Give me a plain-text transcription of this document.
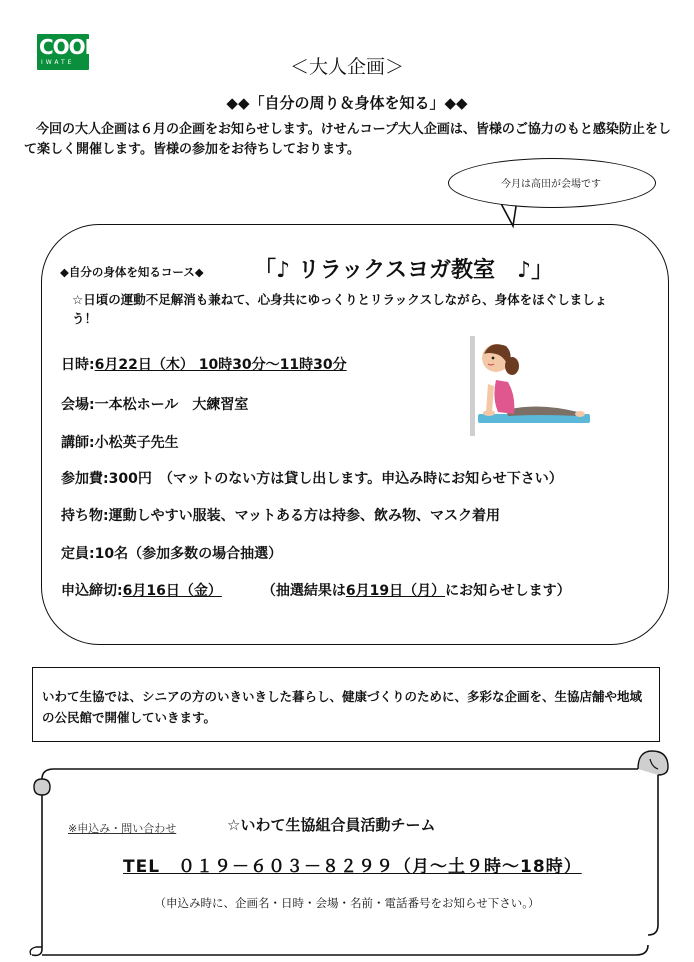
COOP
IWATE	＜大人企画＞
◆◆「自分の周り＆身体を知る」◆◆
今回の大人企画は６月の企画をお知らせします。けせんコープ大人企画は、皆様のご協力のもと感染防止をして楽しく開催します。皆様の参加をお待ちしております。
今月は高田が会場です
◆自分の身体を知るコース◆ 「♪ リラックスヨガ教室　♪」
☆日頃の運動不足解消も兼ねて、心身共にゆっくりとリラックスしながら、身体をほぐしましょう！
日時:6月22日（木） 10時30分～11時30分
会場:一本松ホール　大練習室
講師:小松英子先生
参加費:300円　（マットのない方は貸し出します。申込み時にお知らせ下さい）
持ち物:運動しやすい服装、マットある方は持参、飲み物、マスク着用
定員:10名（参加多数の場合抽選）
申込締切:6月16日（金）	（抽選結果は6月19日（月）にお知らせします）
いわて生協では、シニアの方のいきいきした暮らし、健康づくりのために、多彩な企画を、生協店舗や地域の公民館で開催していきます。
※申込み・問い合わせ	☆いわて生協組合員活動チーム
TEL　０１９－６０３－８２９９（月～土９時～18時）
（申込み時に、企画名・日時・会場・名前・電話番号をお知らせ下さい。）
